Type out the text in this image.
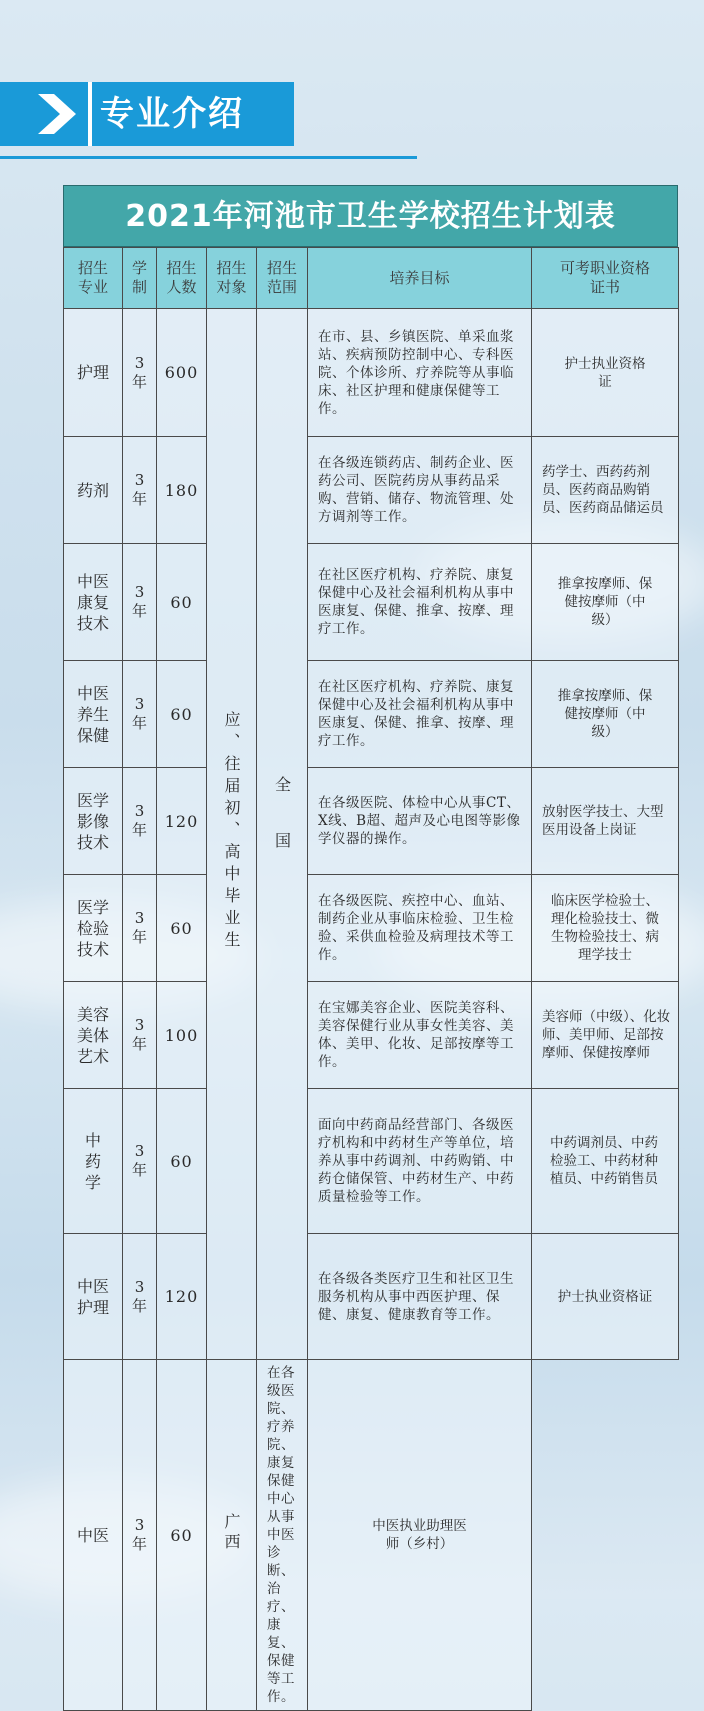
专业介绍
2021年河池市卫生学校招生计划表
招生专业	学制	招生人数	招生对象	招生范围	培养目标	可考职业资格证书

护理	3年	600	应、往届初、高中毕业生	全国	在市、县、乡镇医院、单采血浆站、疾病预防控制中心、专科医院、个体诊所、疗养院等从事临床、社区护理和健康保健等工作。	护士执业资格证

药剂	3年	180			在各级连锁药店、制药企业、医药公司、医院药房从事药品采购、营销、储存、物流管理、处方调剂等工作。	药学士、西药药剂员、医药商品购销员、医药商品储运员

中医康复技术	3年	60			在社区医疗机构、疗养院、康复保健中心及社会福利机构从事中医康复、保健、推拿、按摩、理疗工作。	推拿按摩师、保健按摩师（中级）

中医养生保健	3年	60			在社区医疗机构、疗养院、康复保健中心及社会福利机构从事中医康复、保健、推拿、按摩、理疗工作。	推拿按摩师、保健按摩师（中级）

医学影像技术	3年	120			在各级医院、体检中心从事CT、X线、B超、超声及心电图等影像学仪器的操作。	放射医学技士、大型医用设备上岗证

医学检验技术	3年	60			在各级医院、疾控中心、血站、制药企业从事临床检验、卫生检验、采供血检验及病理技术等工作。	临床医学检验士、理化检验技士、微生物检验技士、病理学技士

美容美体艺术	3年	100			在宝娜美容企业、医院美容科、美容保健行业从事女性美容、美体、美甲、化妆、足部按摩等工作。	美容师（中级）、化妆师、美甲师、足部按摩师、保健按摩师

中药学	3年	60			面向中药商品经营部门、各级医疗机构和中药材生产等单位，培养从事中药调剂、中药购销、中药仓储保管、中药材生产、中药质量检验等工作。	中药调剂员、中药检验工、中药材种植员、中药销售员

中医护理	3年	120			在各级各类医疗卫生和社区卫生服务机构从事中西医护理、保健、康复、健康教育等工作。	护士执业资格证
中医	3年	60	广西	在各级医院、疗养院、康复保健中心从事中医诊断、治疗、康复、保健等工作。	中医执业助理医师（乡村）	
